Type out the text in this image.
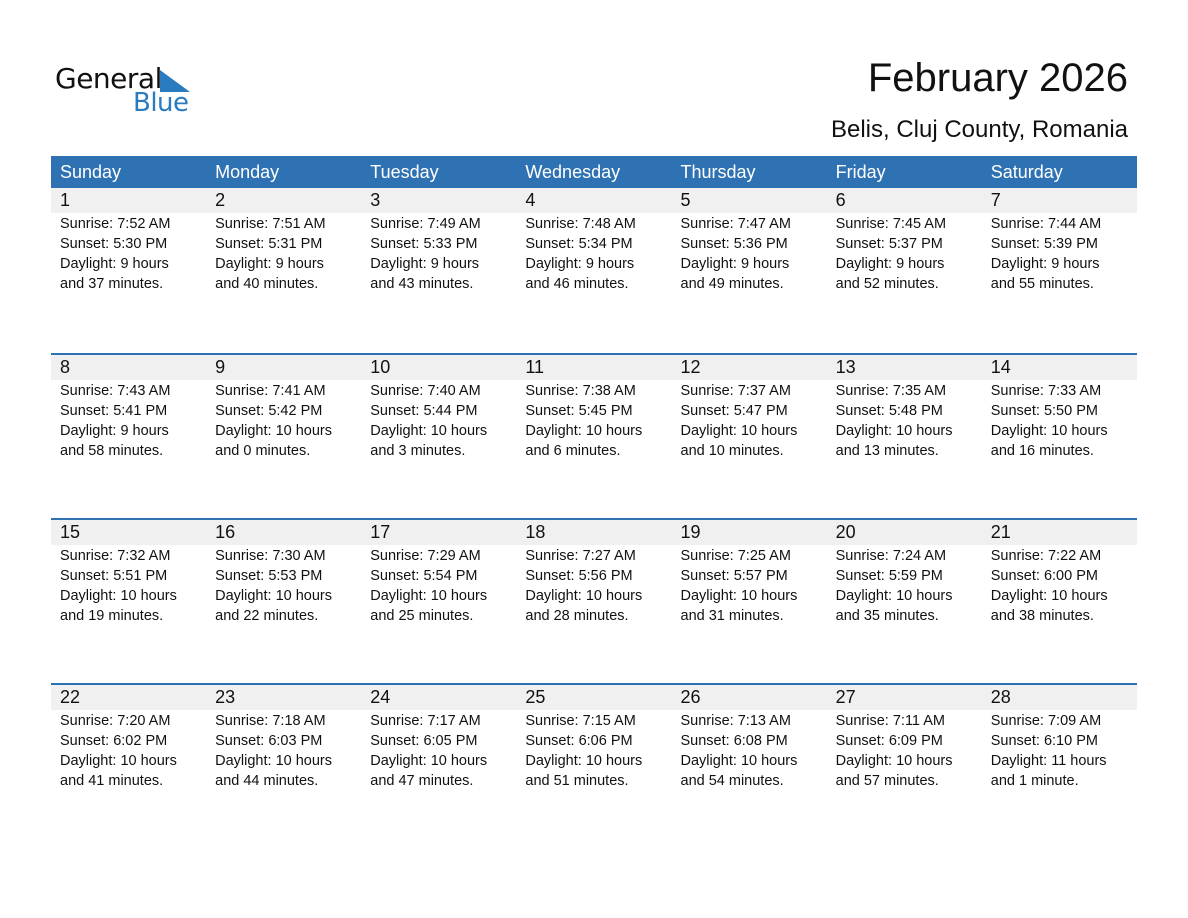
General
Blue
February 2026
Belis, Cluj County, Romania
Sunday	Monday	Tuesday	Wednesday	Thursday	Friday	Saturday
1	2	3	4	5	6	7
Sunrise: 7:52 AM
Sunset: 5:30 PM
Daylight: 9 hours
and 37 minutes.
Sunrise: 7:51 AM
Sunset: 5:31 PM
Daylight: 9 hours
and 40 minutes.
Sunrise: 7:49 AM
Sunset: 5:33 PM
Daylight: 9 hours
and 43 minutes.
Sunrise: 7:48 AM
Sunset: 5:34 PM
Daylight: 9 hours
and 46 minutes.
Sunrise: 7:47 AM
Sunset: 5:36 PM
Daylight: 9 hours
and 49 minutes.
Sunrise: 7:45 AM
Sunset: 5:37 PM
Daylight: 9 hours
and 52 minutes.
Sunrise: 7:44 AM
Sunset: 5:39 PM
Daylight: 9 hours
and 55 minutes.
8	9	10	11	12	13	14
Sunrise: 7:43 AM
Sunset: 5:41 PM
Daylight: 9 hours
and 58 minutes.
Sunrise: 7:41 AM
Sunset: 5:42 PM
Daylight: 10 hours
and 0 minutes.
Sunrise: 7:40 AM
Sunset: 5:44 PM
Daylight: 10 hours
and 3 minutes.
Sunrise: 7:38 AM
Sunset: 5:45 PM
Daylight: 10 hours
and 6 minutes.
Sunrise: 7:37 AM
Sunset: 5:47 PM
Daylight: 10 hours
and 10 minutes.
Sunrise: 7:35 AM
Sunset: 5:48 PM
Daylight: 10 hours
and 13 minutes.
Sunrise: 7:33 AM
Sunset: 5:50 PM
Daylight: 10 hours
and 16 minutes.
15	16	17	18	19	20	21
Sunrise: 7:32 AM
Sunset: 5:51 PM
Daylight: 10 hours
and 19 minutes.
Sunrise: 7:30 AM
Sunset: 5:53 PM
Daylight: 10 hours
and 22 minutes.
Sunrise: 7:29 AM
Sunset: 5:54 PM
Daylight: 10 hours
and 25 minutes.
Sunrise: 7:27 AM
Sunset: 5:56 PM
Daylight: 10 hours
and 28 minutes.
Sunrise: 7:25 AM
Sunset: 5:57 PM
Daylight: 10 hours
and 31 minutes.
Sunrise: 7:24 AM
Sunset: 5:59 PM
Daylight: 10 hours
and 35 minutes.
Sunrise: 7:22 AM
Sunset: 6:00 PM
Daylight: 10 hours
and 38 minutes.
22	23	24	25	26	27	28
Sunrise: 7:20 AM
Sunset: 6:02 PM
Daylight: 10 hours
and 41 minutes.
Sunrise: 7:18 AM
Sunset: 6:03 PM
Daylight: 10 hours
and 44 minutes.
Sunrise: 7:17 AM
Sunset: 6:05 PM
Daylight: 10 hours
and 47 minutes.
Sunrise: 7:15 AM
Sunset: 6:06 PM
Daylight: 10 hours
and 51 minutes.
Sunrise: 7:13 AM
Sunset: 6:08 PM
Daylight: 10 hours
and 54 minutes.
Sunrise: 7:11 AM
Sunset: 6:09 PM
Daylight: 10 hours
and 57 minutes.
Sunrise: 7:09 AM
Sunset: 6:10 PM
Daylight: 11 hours
and 1 minute.
